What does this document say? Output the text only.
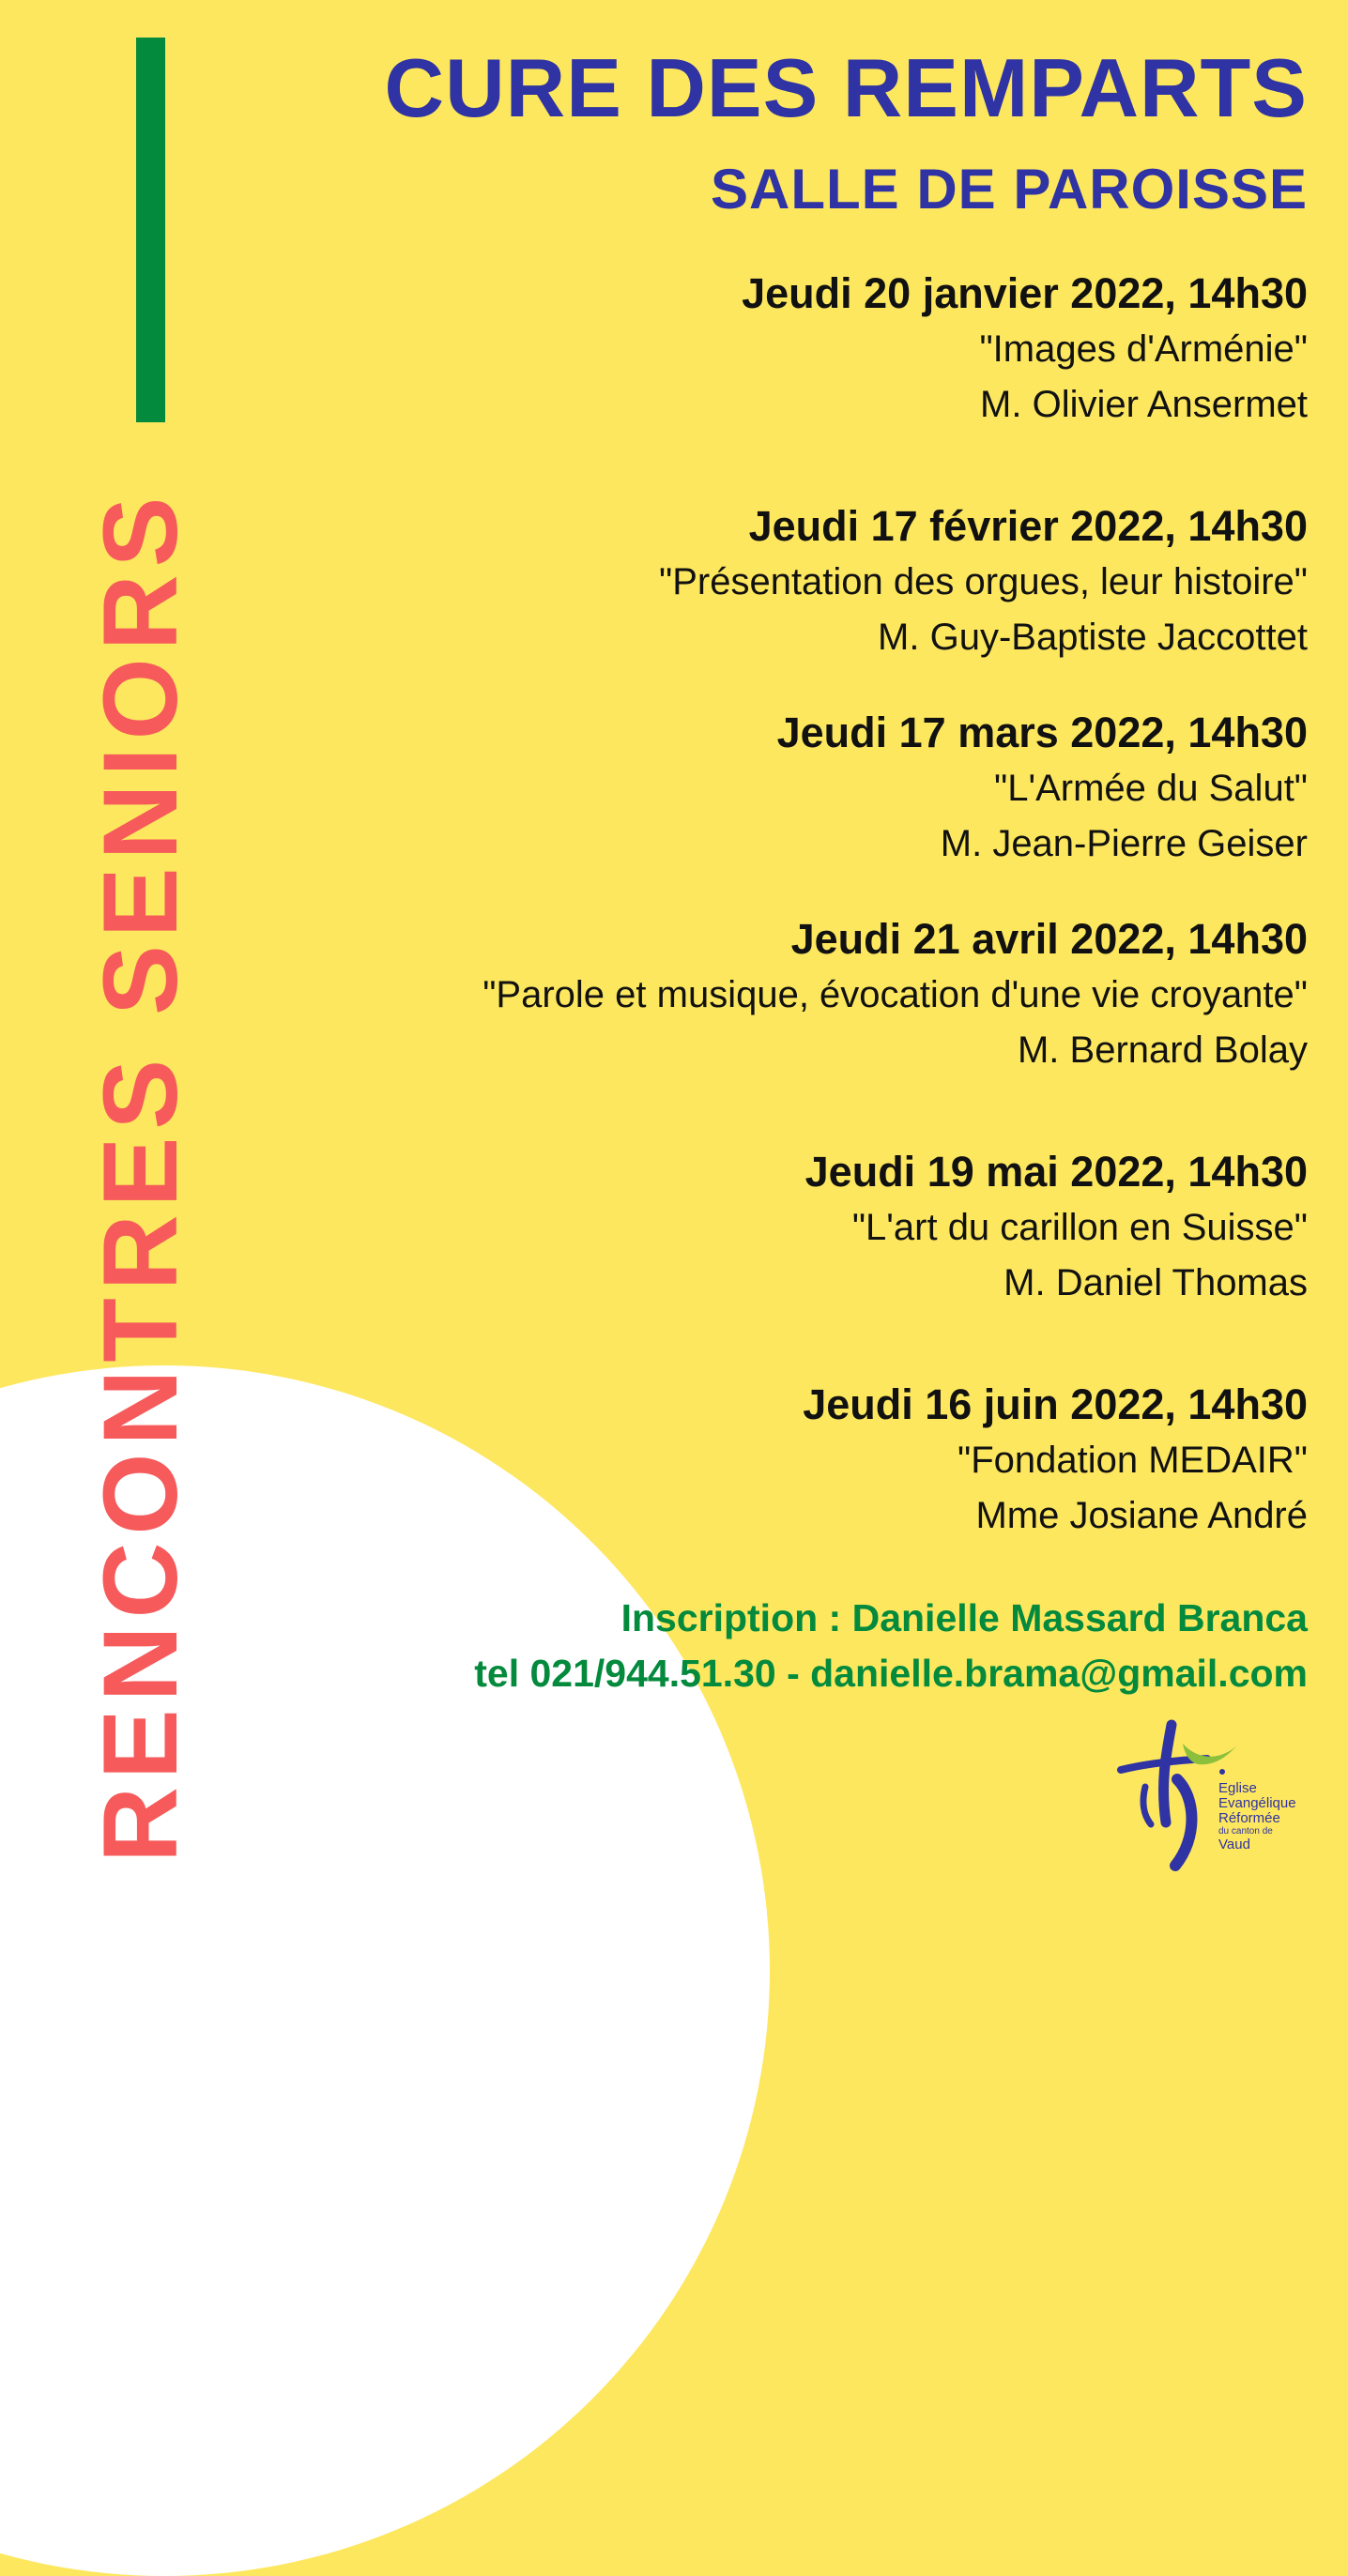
RENCONTRES SENIORS
CURE DES REMPARTS
SALLE DE PAROISSE
Jeudi 20 janvier 2022, 14h30
"Images d'Arménie"
M. Olivier Ansermet
Jeudi 17 février 2022, 14h30
"Présentation des orgues, leur histoire"
M. Guy-Baptiste Jaccottet
Jeudi 17 mars 2022, 14h30
"L'Armée du Salut"
M. Jean-Pierre Geiser
Jeudi 21 avril 2022, 14h30
"Parole et musique, évocation d'une vie croyante"
M. Bernard Bolay
Jeudi 19 mai 2022, 14h30
"L'art du carillon en Suisse"
M. Daniel Thomas
Jeudi 16 juin 2022, 14h30
"Fondation MEDAIR"
Mme Josiane André
Inscription : Danielle Massard Branca
tel 021/944.51.30 - danielle.brama@gmail.com
Eglise
Evangélique
Réformée
du canton de
Vaud
